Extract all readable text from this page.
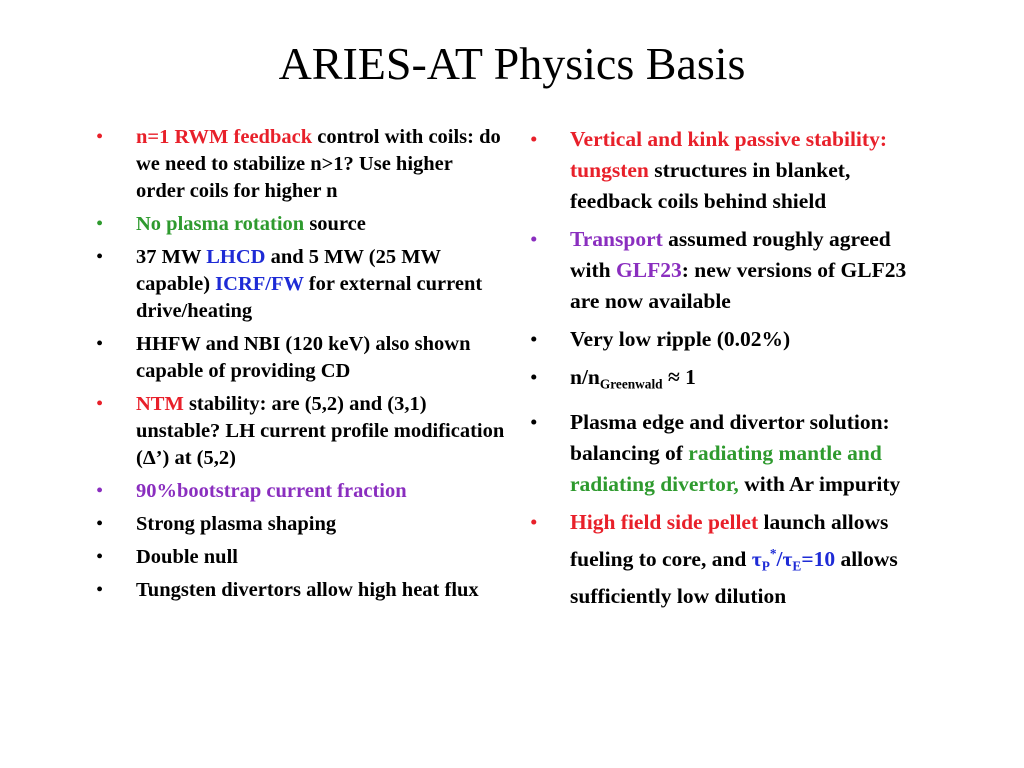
ARIES-AT Physics Basis
• n=1 RWM feedback control with coils: do we need to stabilize n>1? Use higher order coils for higher n
• No plasma rotation source
• 37 MW LHCD and 5 MW (25 MW capable) ICRF/FW for external current drive/heating
• HHFW and NBI (120 keV) also shown capable of providing CD
• NTM stability: are (5,2) and (3,1) unstable? LH current profile modification (Δ’) at (5,2)
• 90%bootstrap current fraction
• Strong plasma shaping
• Double null
• Tungsten divertors allow high heat flux
• Vertical and kink passive stability: tungsten structures in blanket, feedback coils behind shield
• Transport assumed roughly agreed with GLF23: new versions of GLF23 are now available
• Very low ripple (0.02%)
• $n/n_{Greenwald} \approx 1$
• Plasma edge and divertor solution: balancing of radiating mantle and radiating divertor, with Ar impurity
• High field side pellet launch allows fueling to core, and $\tau_P^*/\tau_E=10$ allows sufficiently low dilution
